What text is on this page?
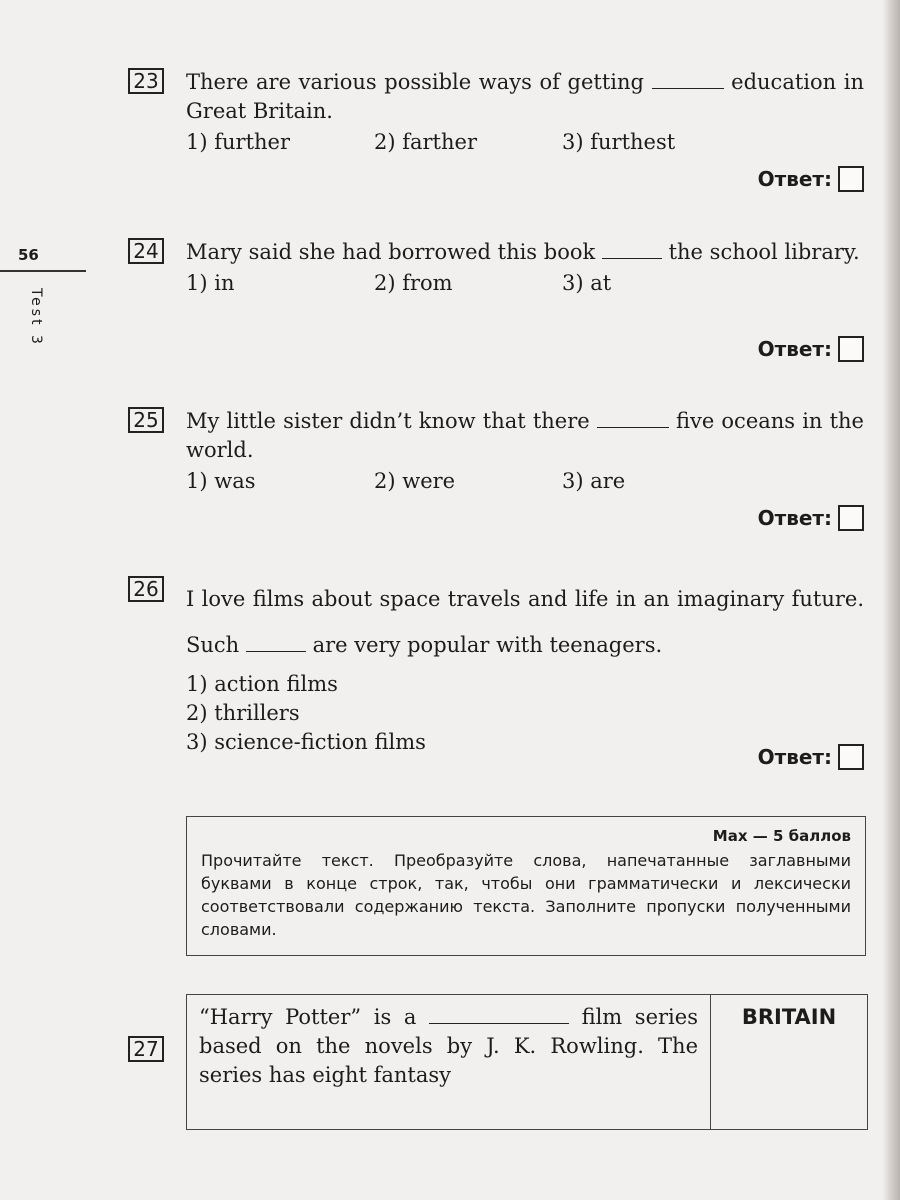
56
Test 3
23 There are various possible ways of getting	education in Great Britain.
1) further	2) farther	3) furthest
Ответ:
24 Mary said she had borrowed this book	the school library.
1) in	2) from	3) at
Ответ:
25 My little sister didn’t know that there	five oceans in the world.
1) was	2) were	3) are
Ответ:
26 I love films about space travels and life in an imaginary future. Such	are very popular with teenagers.
1) action films
2) thrillers
3) science-fiction films
Ответ:
Max — 5 баллов
Прочитайте текст. Преобразуйте слова, напечатанные заглавными буквами в конце строк, так, чтобы они грамматически и лексически соответствовали содержанию текста. Заполните пропуски полученными словами.
27
“Harry Potter” is a	film series based on the novels by J. K. Rowling. The series has eight fantasy
BRITAIN
